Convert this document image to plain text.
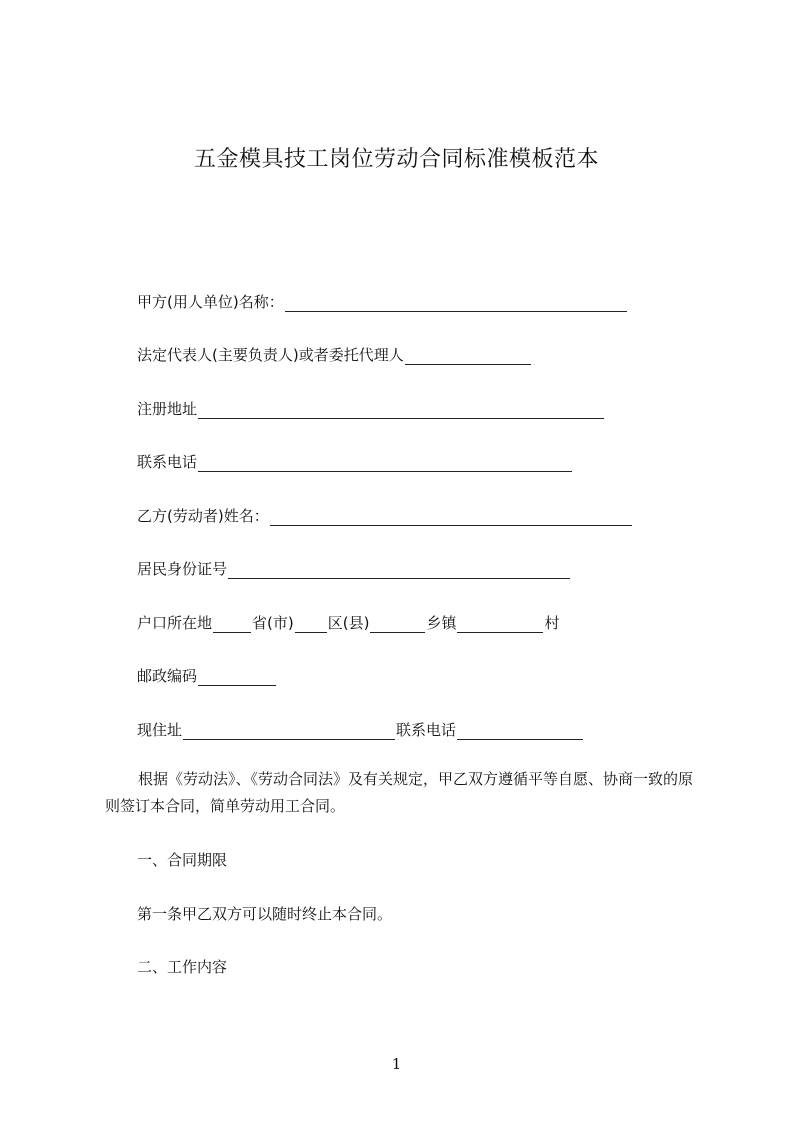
五金模具技工岗位劳动合同标准模板范本
甲方(用人单位)名称：
法定代表人(主要负责人)或者委托代理人
注册地址
联系电话
乙方(劳动者)姓名：
居民身份证号
户口所在地	省(市) 区(县)	乡镇	村
邮政编码
现住址	联系电话
根据《劳动法》、《劳动合同法》及有关规定，甲乙双方遵循平等自愿、协商一致的原则签订本合同，简单劳动用工合同。
一、合同期限
第一条甲乙双方可以随时终止本合同。
二、工作内容
1
